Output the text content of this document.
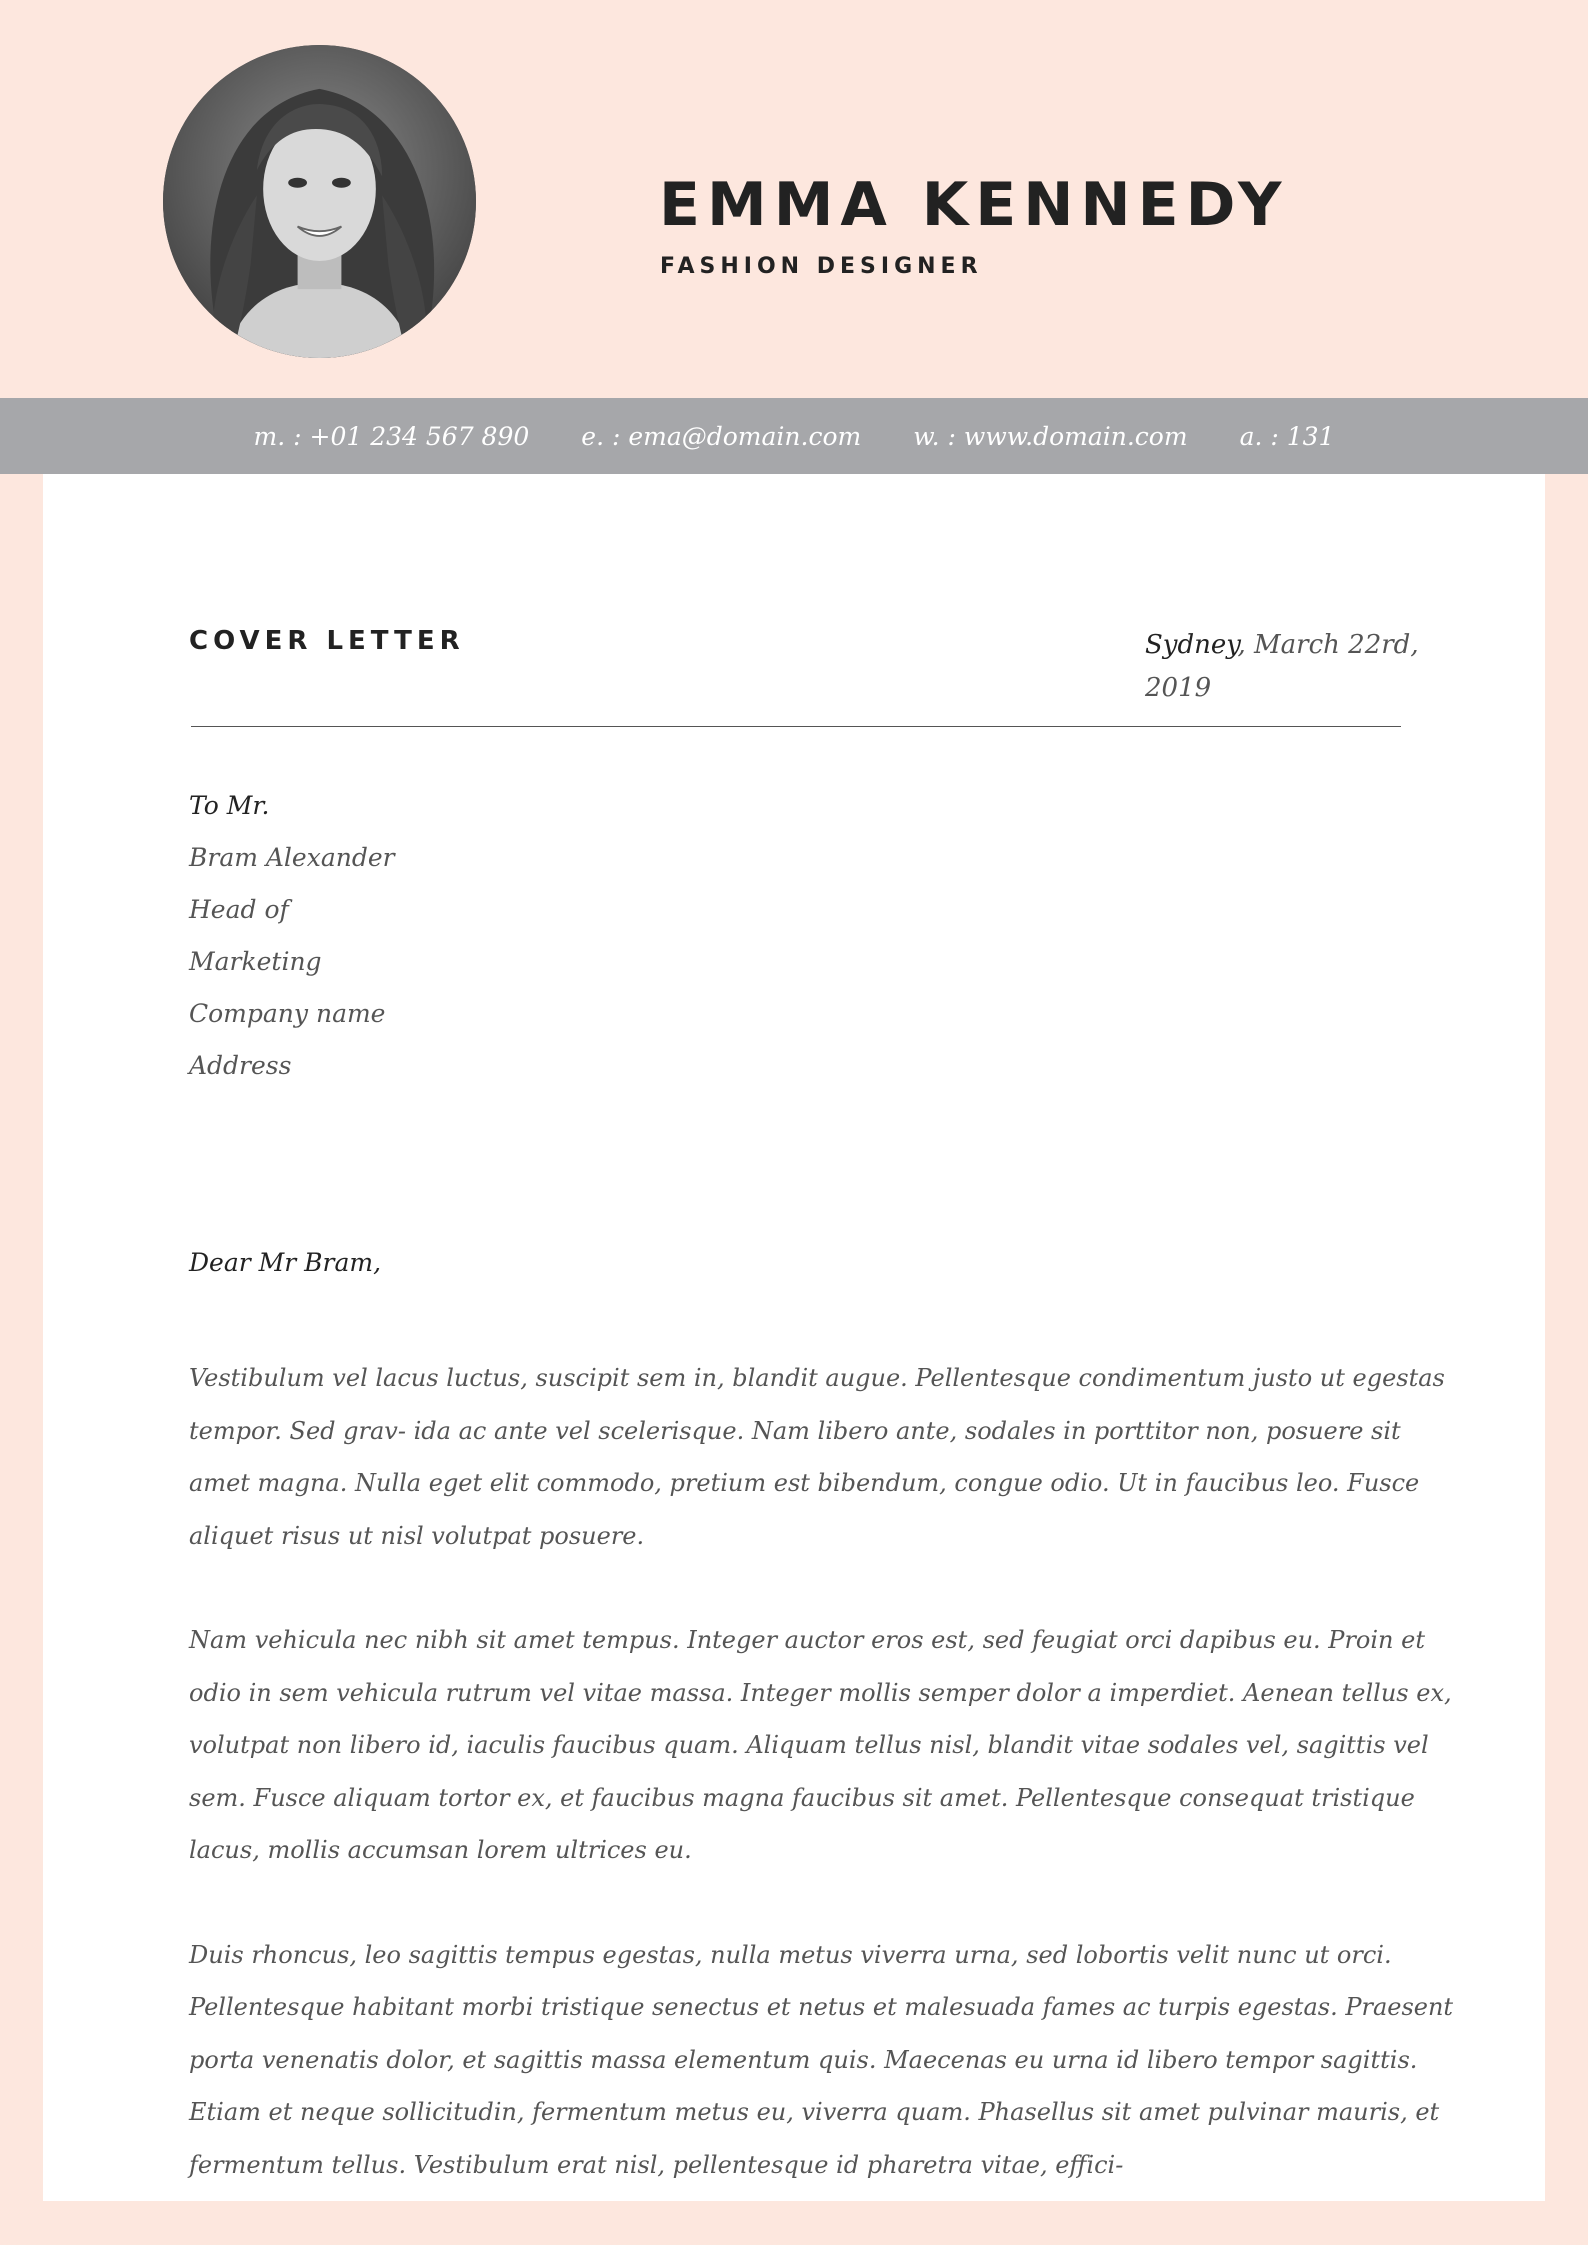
EMMA KENNEDY
FASHION DESIGNER
m. : +01 234 567 890 e. : ema@domain.com w. : www.domain.com a. : 131
COVER LETTER	Sydney, March 22rd, 2019
To Mr.
Bram Alexander
Head of
Marketing
Company name
Address
Dear Mr Bram,

Vestibulum vel lacus luctus, suscipit sem in, blandit augue. Pellentesque condimentum justo ut egestas tempor. Sed grav- ida ac ante vel scelerisque. Nam libero ante, sodales in porttitor non, posuere sit amet magna. Nulla eget elit commodo, pretium est bibendum, congue odio. Ut in faucibus leo. Fusce aliquet risus ut nisl volutpat posuere.

Nam vehicula nec nibh sit amet tempus. Integer auctor eros est, sed feugiat orci dapibus eu. Proin et odio in sem vehicula rutrum vel vitae massa. Integer mollis semper dolor a imperdiet. Aenean tellus ex, volutpat non libero id, iaculis faucibus quam. Aliquam tellus nisl, blandit vitae sodales vel, sagittis vel sem. Fusce aliquam tortor ex, et faucibus magna faucibus sit amet. Pellentesque consequat tristique lacus, mollis accumsan lorem ultrices eu.

Duis rhoncus, leo sagittis tempus egestas, nulla metus viverra urna, sed lobortis velit nunc ut orci. Pellentesque habitant morbi tristique senectus et netus et malesuada fames ac turpis egestas. Praesent porta venenatis dolor, et sagittis massa elementum quis. Maecenas eu urna id libero tempor sagittis. Etiam et neque sollicitudin, fermentum metus eu, viverra quam. Phasellus sit amet pulvinar mauris, et fermentum tellus. Vestibulum erat nisl, pellentesque id pharetra vitae, effici-
